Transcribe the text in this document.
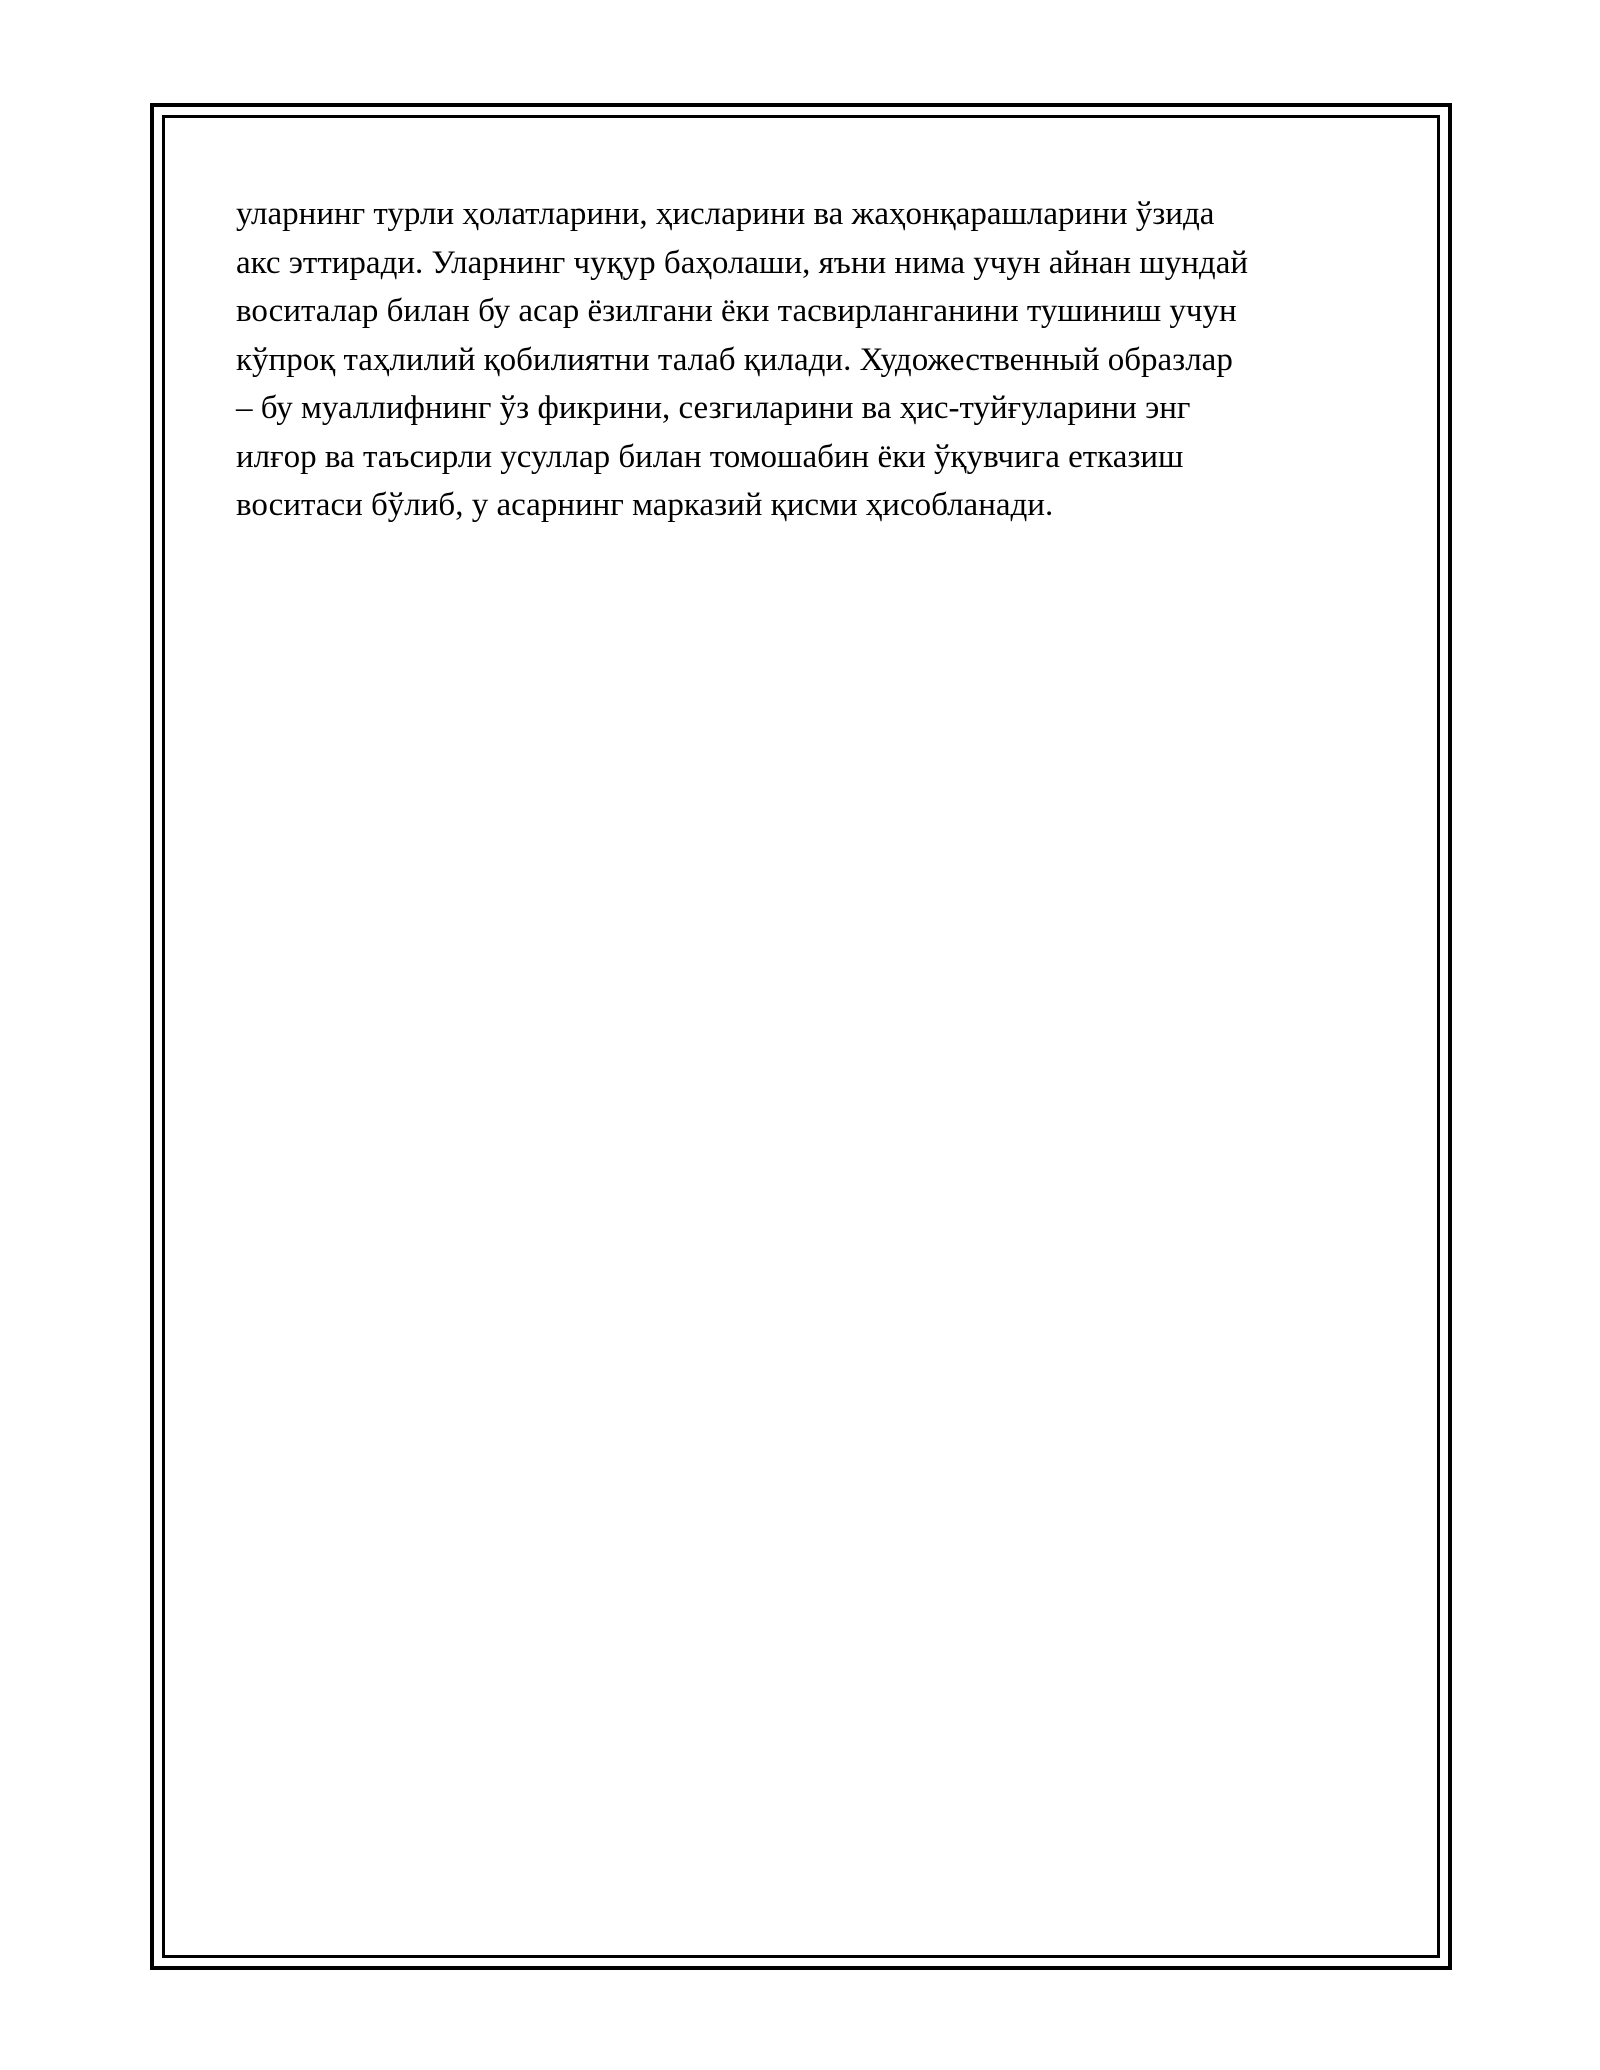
уларнинг турли ҳолатларини, ҳисларини ва жаҳонқарашларини ўзида
акс эттиради. Уларнинг чуқур баҳолаши, яъни нима учун айнан шундай
воситалар билан бу асар ёзилгани ёки тасвирланганини тушиниш учун
кўпроқ таҳлилий қобилиятни талаб қилади. Художественный образлар
– бу муаллифнинг ўз фикрини, сезгиларини ва ҳис-туйғуларини энг
илғор ва таъсирли усуллар билан томошабин ёки ўқувчига етказиш
воситаси бўлиб, у асарнинг марказий қисми ҳисобланади.
